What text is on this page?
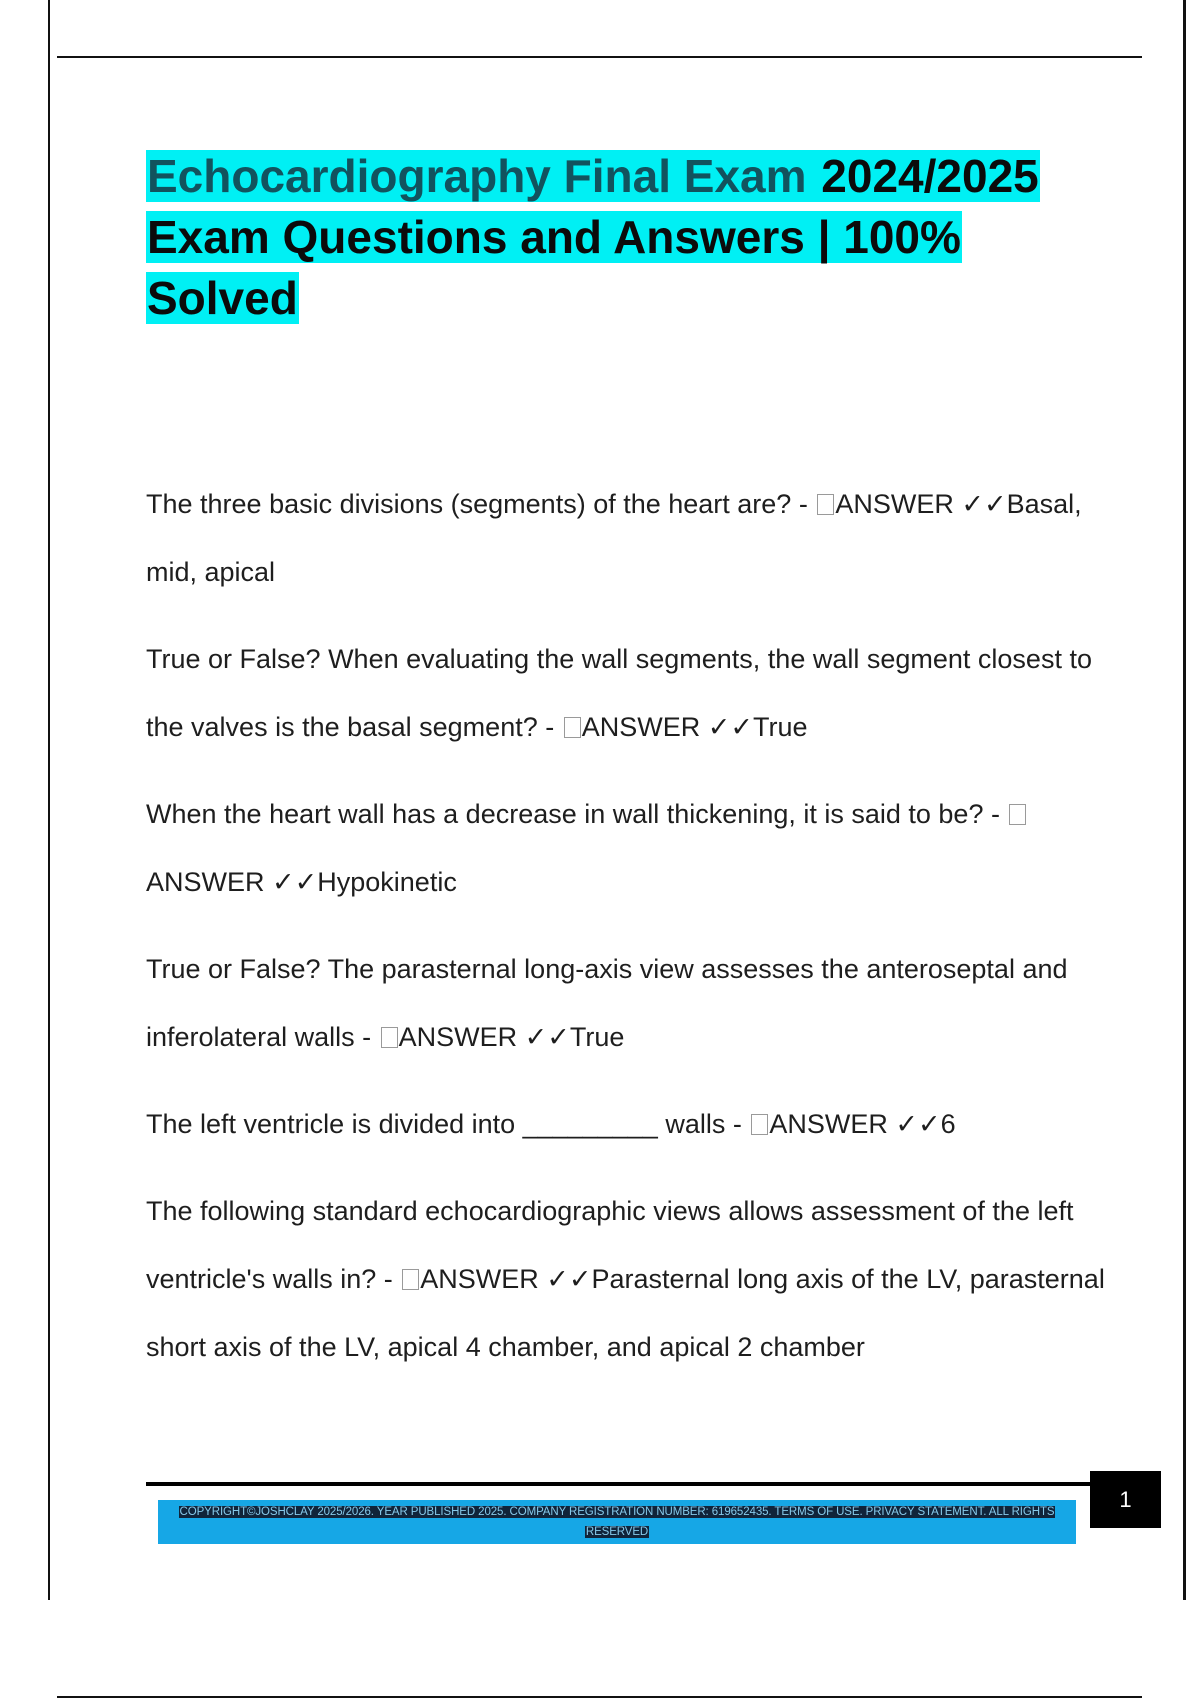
Echocardiography Final Exam 2024/2025 Exam Questions and Answers | 100% Solved
The three basic divisions (segments) of the heart are? - ANSWER ✓✓Basal, mid, apical
True or False? When evaluating the wall segments, the wall segment closest to the valves is the basal segment? - ANSWER ✓✓True
When the heart wall has a decrease in wall thickening, it is said to be? - ANSWER ✓✓Hypokinetic
True or False? The parasternal long-axis view assesses the anteroseptal and inferolateral walls - ANSWER ✓✓True
The left ventricle is divided into _________ walls - ANSWER ✓✓6
The following standard echocardiographic views allows assessment of the left ventricle's walls in? - ANSWER ✓✓Parasternal long axis of the LV, parasternal short axis of the LV, apical 4 chamber, and apical 2 chamber
1
COPYRIGHT©JOSHCLAY 2025/2026. YEAR PUBLISHED 2025. COMPANY REGISTRATION NUMBER: 619652435. TERMS OF USE. PRIVACY STATEMENT. ALL RIGHTS RESERVED
